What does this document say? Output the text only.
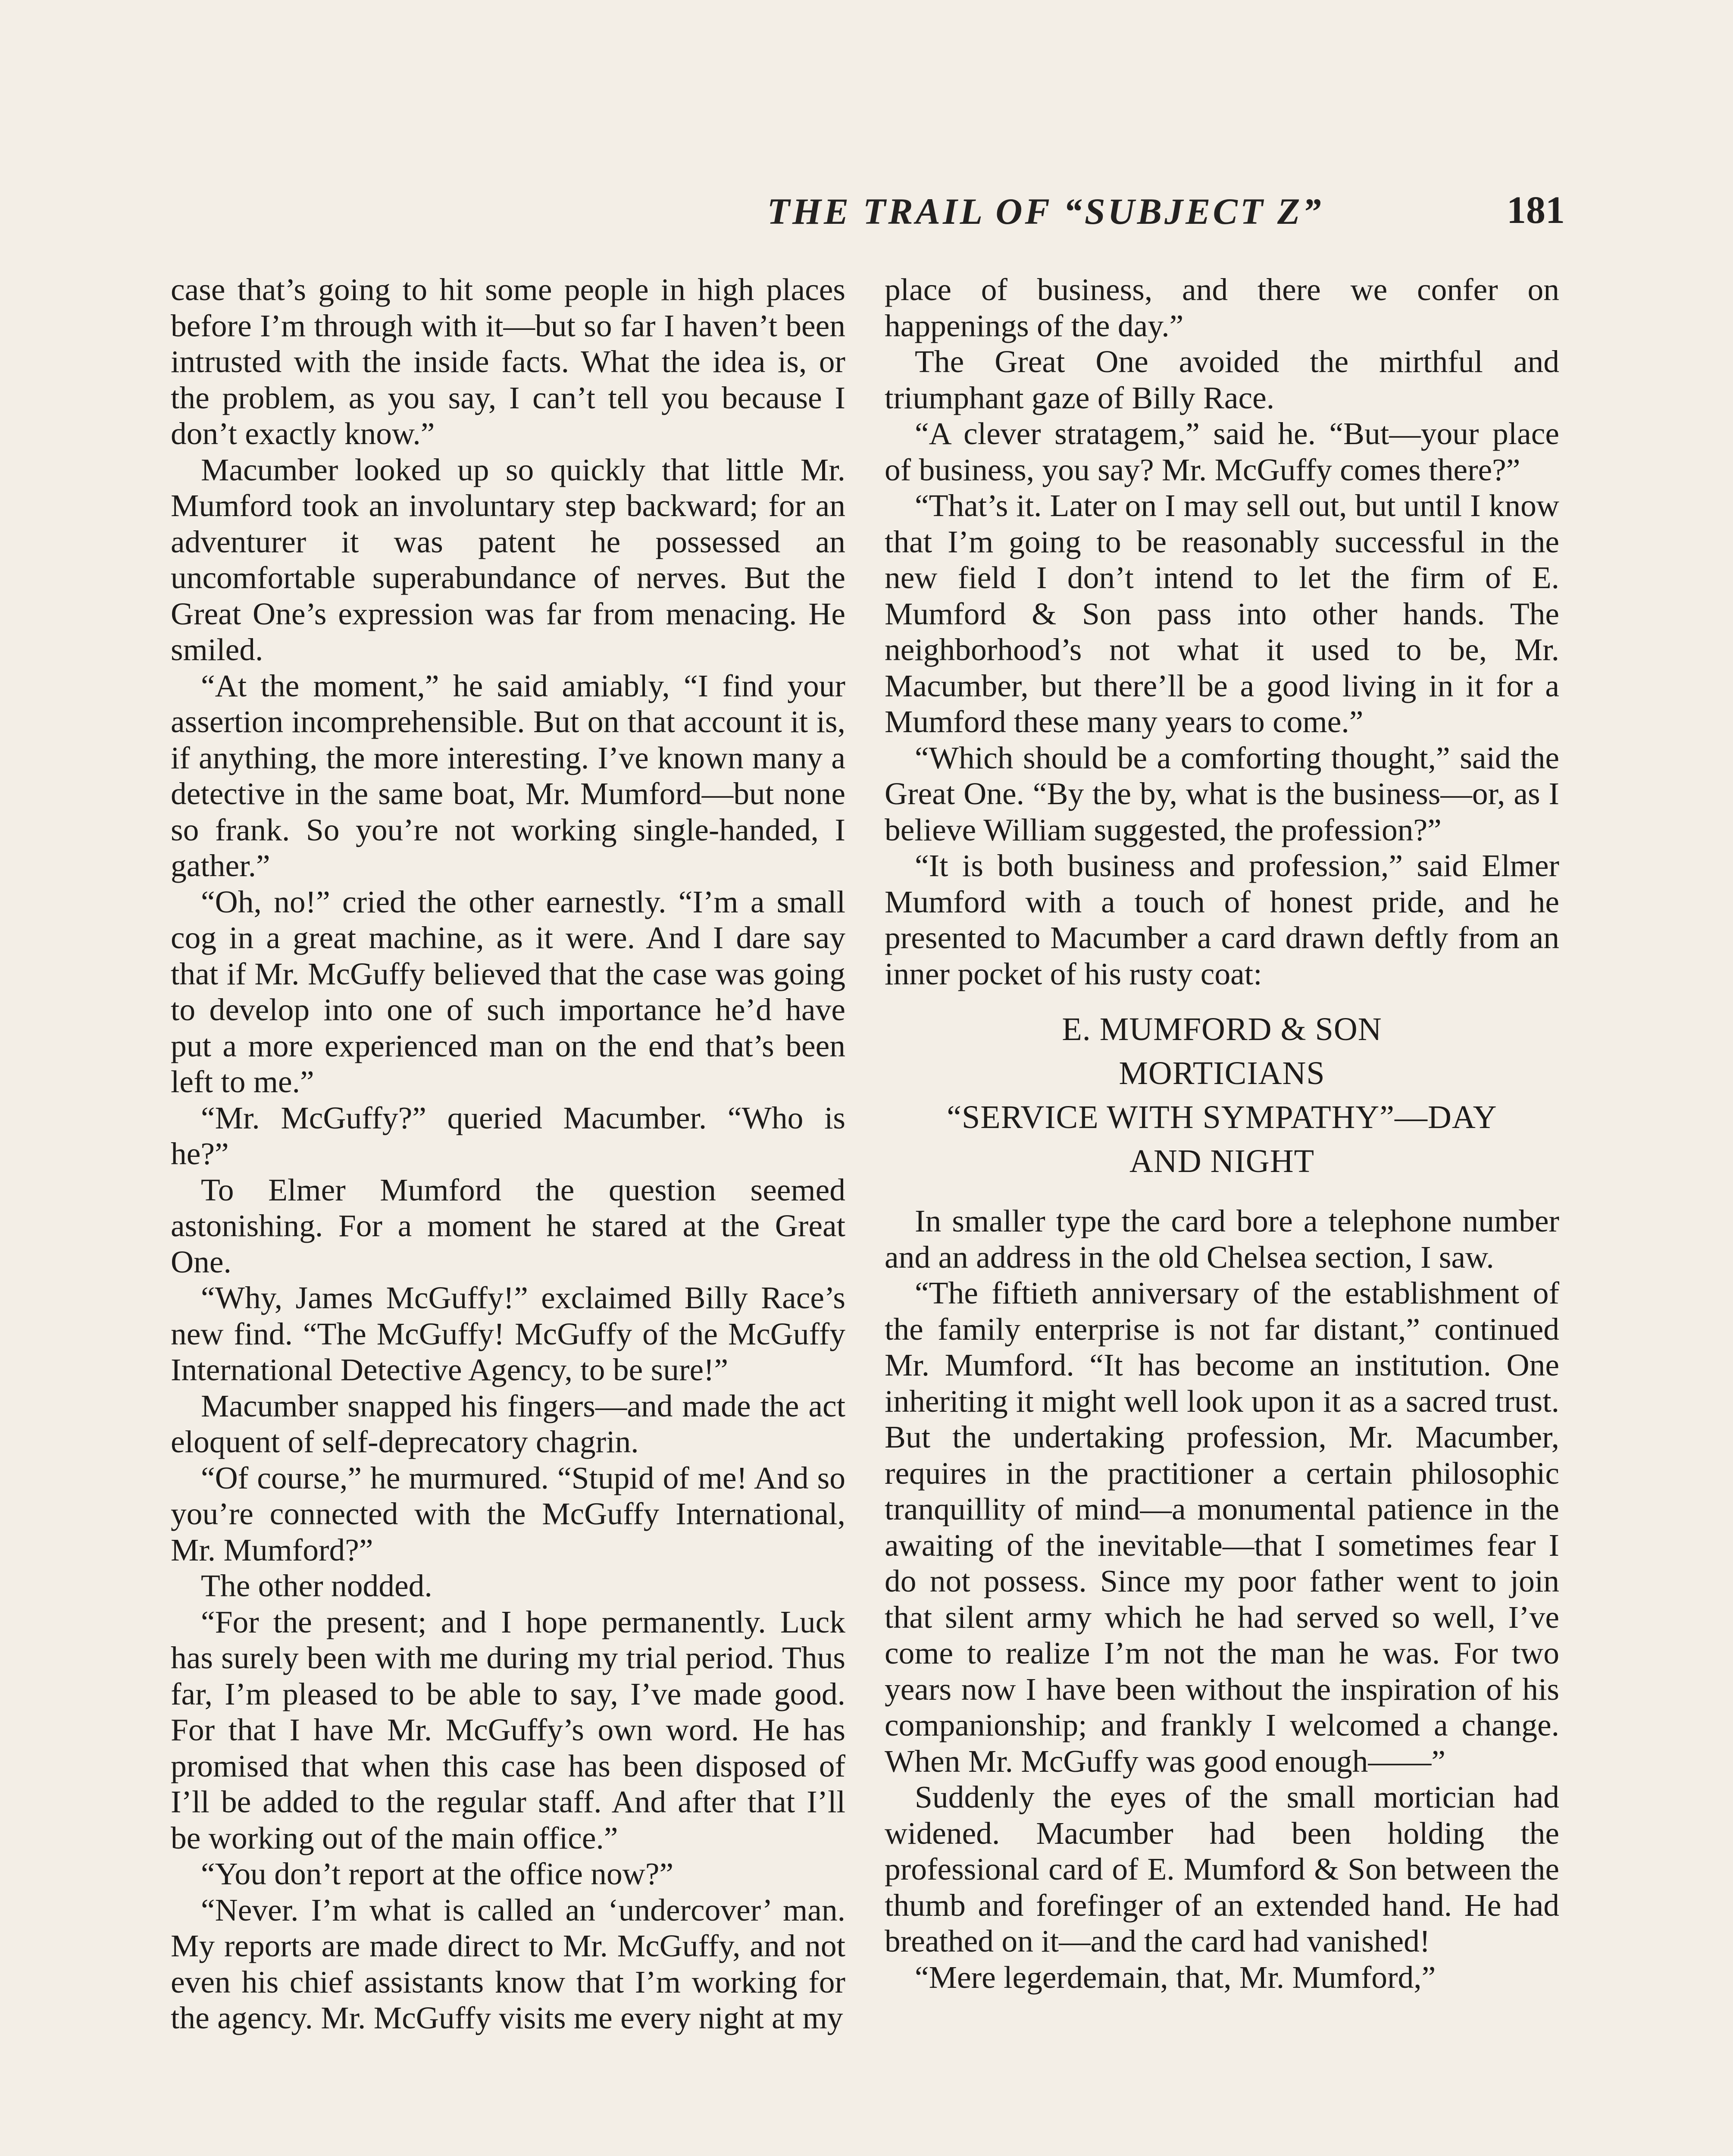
THE TRAIL OF “SUBJECT Z”	181

case that’s going to hit some people in high places before I’m through with it—but so far I haven’t been intrusted with the inside facts. What the idea is, or the problem, as you say, I can’t tell you because I don’t exactly know.”

Macumber looked up so quickly that little Mr. Mumford took an involuntary step backward; for an adventurer it was patent he possessed an uncomfortable superabundance of nerves. But the Great One’s expression was far from menacing. He smiled.

“At the moment,” he said amiably, “I find your assertion incomprehensible. But on that account it is, if anything, the more interesting. I’ve known many a detective in the same boat, Mr. Mumford—but none so frank. So you’re not working single-handed, I gather.”

“Oh, no!” cried the other earnestly. “I’m a small cog in a great machine, as it were. And I dare say that if Mr. McGuffy believed that the case was going to develop into one of such importance he’d have put a more experienced man on the end that’s been left to me.”

“Mr. McGuffy?” queried Macumber. “Who is he?”

To Elmer Mumford the question seemed astonishing. For a moment he stared at the Great One.

“Why, James McGuffy!” exclaimed Billy Race’s new find. “The McGuffy! McGuffy of the McGuffy International Detective Agency, to be sure!”

Macumber snapped his fingers—and made the act eloquent of self-deprecatory chagrin.

“Of course,” he murmured. “Stupid of me! And so you’re connected with the McGuffy International, Mr. Mumford?”

The other nodded.

“For the present; and I hope permanently. Luck has surely been with me during my trial period. Thus far, I’m pleased to be able to say, I’ve made good. For that I have Mr. McGuffy’s own word. He has promised that when this case has been disposed of I’ll be added to the regular staff. And after that I’ll be working out of the main office.”

“You don’t report at the office now?”

“Never. I’m what is called an ‘undercover’ man. My reports are made direct to Mr. McGuffy, and not even his chief assistants know that I’m working for the agency. Mr. McGuffy visits me every night at my

place of business, and there we confer on happenings of the day.”

The Great One avoided the mirthful and triumphant gaze of Billy Race.

“A clever stratagem,” said he. “But—your place of business, you say? Mr. McGuffy comes there?”

“That’s it. Later on I may sell out, but until I know that I’m going to be reasonably successful in the new field I don’t intend to let the firm of E. Mumford & Son pass into other hands. The neighborhood’s not what it used to be, Mr. Macumber, but there’ll be a good living in it for a Mumford these many years to come.”

“Which should be a comforting thought,” said the Great One. “By the by, what is the business—or, as I believe William suggested, the profession?”

“It is both business and profession,” said Elmer Mumford with a touch of honest pride, and he presented to Macumber a card drawn deftly from an inner pocket of his rusty coat:

E. MUMFORD & SON
MORTICIANS
“SERVICE WITH SYMPATHY”—DAY
AND NIGHT

In smaller type the card bore a telephone number and an address in the old Chelsea section, I saw.

“The fiftieth anniversary of the establishment of the family enterprise is not far distant,” continued Mr. Mumford. “It has become an institution. One inheriting it might well look upon it as a sacred trust. But the undertaking profession, Mr. Macumber, requires in the practitioner a certain philosophic tranquillity of mind—a monumental patience in the awaiting of the inevitable—that I sometimes fear I do not possess. Since my poor father went to join that silent army which he had served so well, I’ve come to realize I’m not the man he was. For two years now I have been without the inspiration of his companionship; and frankly I welcomed a change. When Mr. McGuffy was good enough——”

Suddenly the eyes of the small mortician had widened. Macumber had been holding the professional card of E. Mumford & Son between the thumb and forefinger of an extended hand. He had breathed on it—and the card had vanished!

“Mere legerdemain, that, Mr. Mumford,”
